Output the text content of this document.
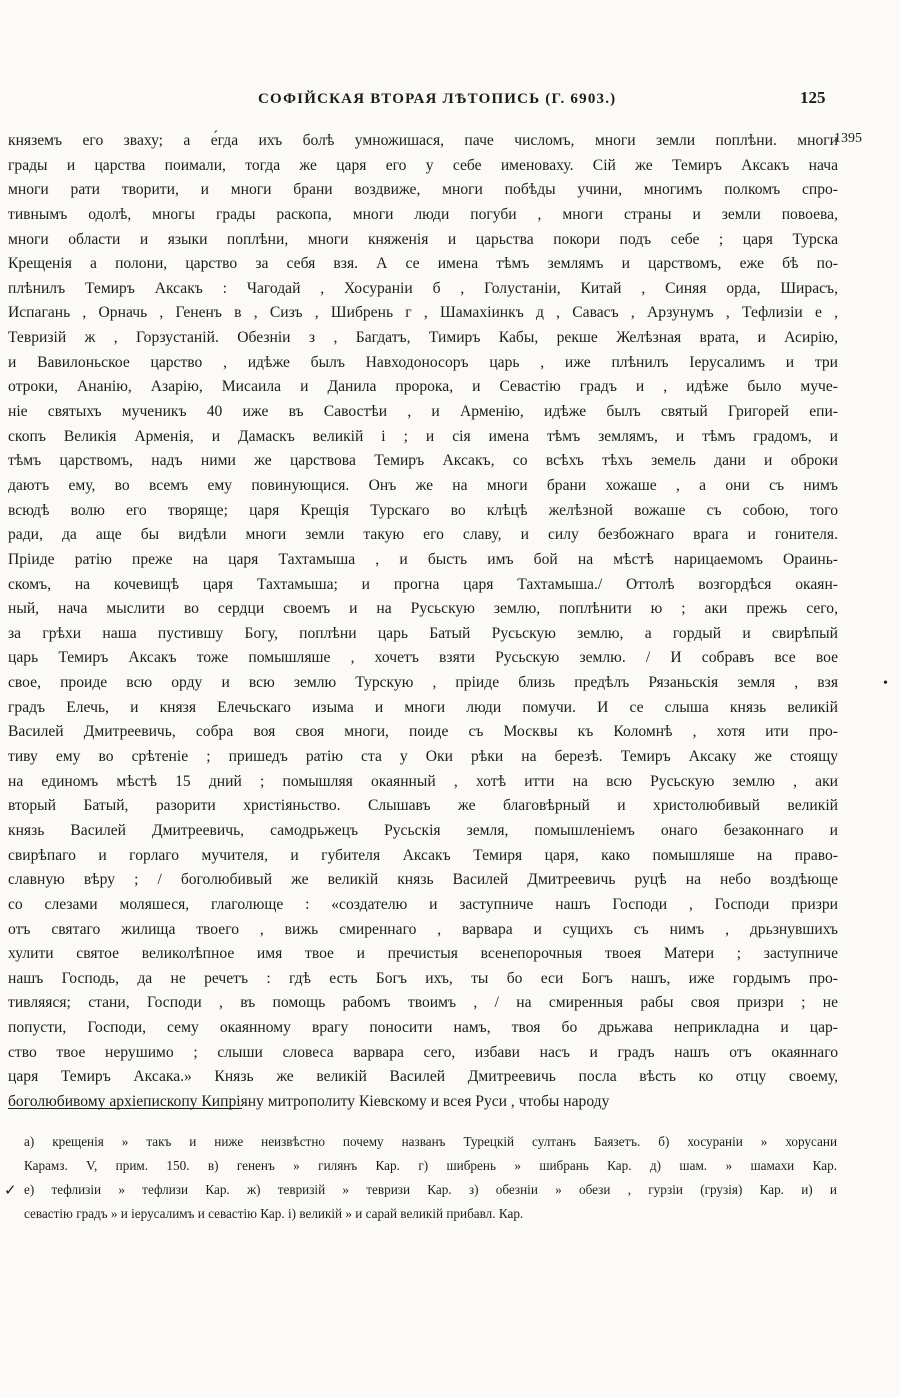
СОФІЙСКАЯ ВТОРАЯ ЛѢТОПИСЬ (Г. 6903.)	125
1395
•
княземъ его зваху; а е́гда ихъ болѣ умножишася, паче числомъ, многи земли поплѣни. многи
грады и царства поимали, тогда же царя его у себе именоваху. Сій же Темиръ Аксакъ нача
многи рати творити, и многи брани воздвиже, многи побѣды учини, многимъ полкомъ спро-
тивнымъ одолѣ, многы грады раскопа, многи люди погуби , многи страны и земли повоева,
многи области и языки поплѣни, многи княженія и царьства покори подъ себе ; царя Турска
Крещенія а полони, царство за себя взя. А се имена тѣмъ землямъ и царствомъ, еже бѣ по-
плѣнилъ Темиръ Аксакъ : Чагодай , Хосураніи б , Голустаніи, Китай , Синяя орда, Ширасъ,
Испагань , Орначь , Гененъ в , Сизъ , Шибрень г , Шамахіинкъ д , Савасъ , Арзунумъ , Тефлизіи е ,
Тевризій ж , Горзустаній. Обезніи з , Багдатъ, Тимиръ Кабы, рекше Желѣзная врата, и Асирію,
и Вавилоньское царство , идѣже былъ Навходоносоръ царь , иже плѣнилъ Іерусалимъ и три
отроки, Ананію, Азарію, Мисаила и Данила пророка, и Севастію градъ и , идѣже было муче-
ніе святыхъ мученикъ 40 иже въ Савостѣи , и Арменію, идѣже былъ святый Григорей епи-
скопъ Великія Арменія, и Дамаскъ великій і ; и сія имена тѣмъ землямъ, и тѣмъ градомъ, и
тѣмъ царствомъ, надъ ними же царствова Темиръ Аксакъ, со всѣхъ тѣхъ земель дани и оброки
даютъ ему, во всемъ ему повинующися. Онъ же на многи брани хожаше , а они съ нимъ
всюдѣ волю его творяще; царя Крещія Турскаго во клѣцѣ желѣзной вожаше съ собою, того
ради, да аще бы видѣли многи земли такую его славу, и силу безбожнаго врага и гонителя.
Пріиде ратію преже на царя Тахтамыша , и бысть имъ бой на мѣстѣ нарицаемомъ Ораинь-
скомъ, на кочевищѣ царя Тахтамыша; и прогна царя Тахтамыша./ Оттолѣ возгордѣся окаян-
ный, нача мыслити во сердци своемъ и на Русьскую землю, поплѣнити ю ; аки прежь сего,
за грѣхи наша пустившу Богу, поплѣни царь Батый Русьскую землю, а гордый и свирѣпый
царь Темиръ Аксакъ тоже помышляше , хочетъ взяти Русьскую землю. / И собравъ все вое
свое, проиде всю орду и всю землю Турскую , пріиде близь предѣлъ Рязаньскія земля , взя
градъ Елечь, и князя Елечьскаго изыма и многи люди помучи. И се слыша князь великій
Василей Дмитреевичь, собра воя своя многи, поиде съ Москвы къ Коломнѣ , хотя ити про-
тиву ему во срѣтеніе ; пришедъ ратію ста у Оки рѣки на березѣ. Темиръ Аксаку же стоящу
на единомъ мѣстѣ 15 дний ; помышляя окаянный , хотѣ итти на всю Русьскую землю , аки
вторый Батый, разорити христіяньство. Слышавъ же благовѣрный и христолюбивый великій
князь Василей Дмитреевичь, самодрьжецъ Русьскія земля, помышленіемъ онаго безаконнаго и
свирѣпаго и горлаго мучителя, и губителя Аксакъ Темиря царя, како помышляше на право-
славную вѣру ; / боголюбивый же великій князь Василей Дмитреевичь руцѣ на небо воздѣюще
со слезами моляшеся, глаголюще : «создателю и заступниче нашъ Господи , Господи призри
отъ святаго жилища твоего , вижь смиреннаго , варвара и сущихъ съ нимъ , дрьзнувшихъ
хулити святое великолѣпное имя твое и пречистыя всенепорочныя твоея Матери ; заступниче
нашъ Господь, да не речетъ : гдѣ есть Богъ ихъ, ты бо еси Богъ нашъ, иже гордымъ про-
тивляяся; стани, Господи , въ помощь рабомъ твоимъ , / на смиренныя рабы своя призри ; не
попусти, Господи, сему окаянному врагу поносити намъ, твоя бо дрьжава неприкладна и цар-
ство твое нерушимо ; слыши словеса варвара сего, избави насъ и градъ нашъ отъ окаяннаго
царя Темиръ Аксака.» Князь же великій Василей Дмитреевичь посла вѣсть ко отцу своему,
боголюбивому архіепископу Кипріяну митрополиту Кіевскому и всея Руси , чтобы народу
✓
а) крещенія » такъ и ниже неизвѣстно почему названъ Турецкій султанъ Баязетъ. б) хосураніи » хорусани
Карамз. V, прим. 150. в) гененъ » гилянъ Кар. г) шибрень » шибрань Кар. д) шам. » шамахи Кар.
е) тефлизіи » тефлизи Кар. ж) тевризій » тевризи Кар. з) обезніи » обези , гурзіи (грузія) Кар. и) и
севастію градъ » и іерусалимъ и севастію Кар. і) великій » и сарай великій прибавл. Кар.
